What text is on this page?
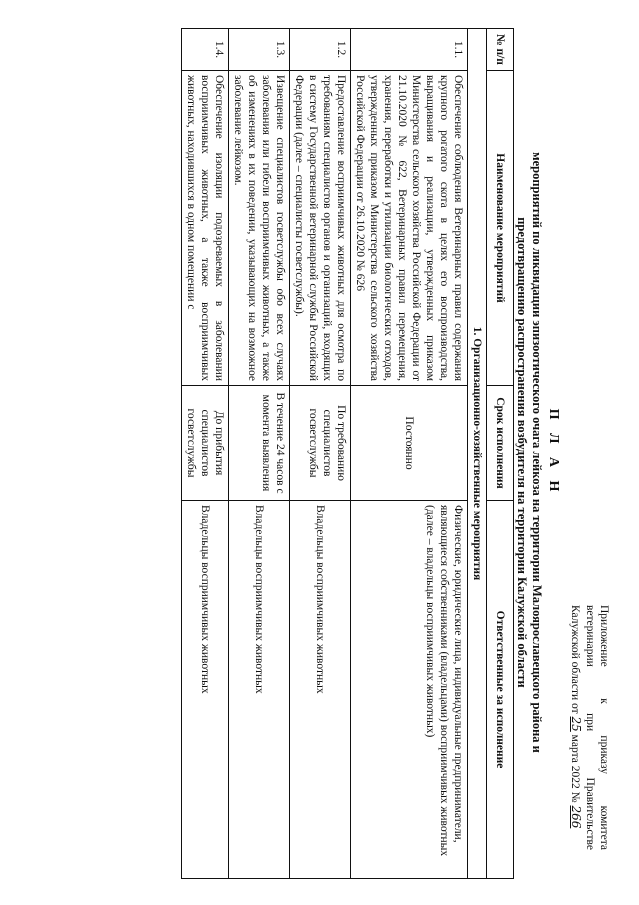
Приложение к приказу комитета
ветеринарии при Правительстве
Калужской области от 25 марта 2022 № 266
П Л А Н
мероприятий по ликвидации эпизоотического очага лейкоза на территории Малоярославецкого района и
предотвращению распространения возбудителя на территории Калужской области
№ п/п	Наименование мероприятий	Срок исполнения	Ответственные за исполнение
1. Организационно-хозяйственные мероприятия			
1.1.	Обеспечение соблюдения Ветеринарных правил содержания крупного рогатого скота в целях его воспроизводства, выращивания и реализации, утвержденных приказом Министерства сельского хозяйства Российской Федерации от 21.10.2020 № 622, Ветеринарных правил перемещения, хранения, переработки и утилизации биологических отходов, утвержденных приказом Министерства сельского хозяйства Российской Федерации от 26.10.2020 № 626	Постоянно	Физические, юридические лица, индивидуальные предприниматели, являющиеся собственниками (владельцами) восприимчивых животных (далее – владельцы восприимчивых животных)
1.2.	Предоставление восприимчивых животных для осмотра по требованиям специалистов органов и организаций, входящих в систему Государственной ветеринарной службы Российской Федерации (далее – специалисты госветслужбы).	По требованию специалистов госветслужбы	Владельцы восприимчивых животных
1.3.	Извещение специалистов госветслужбы обо всех случаях заболевания или гибели восприимчивых животных, а также об изменениях в их поведении, указывающих на возможное заболевание лейкозом.	В течение 24 часов с момента выявления	Владельцы восприимчивых животных
1.4.	Обеспечение изоляции подозреваемых в заболевании восприимчивых животных, а также восприимчивых животных, находившихся в одном помещении с	До прибытия специалистов госветслужбы	Владельцы восприимчивых животных
